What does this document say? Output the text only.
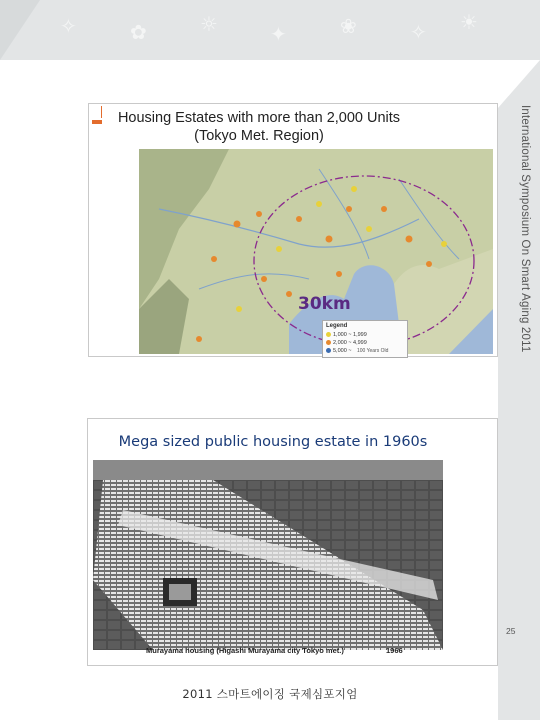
✧	✿	☼	✦	❀	✧ ☀
International Symposium On Smart Aging 2011
Housing Estates with more than 2,000 Units
(Tokyo Met. Region)
30km
Legend
1,000 ~ 1,999
2,000 ~ 4,999
5,000 ~ 100 Years Old
Mega sized public housing estate in 1960s
Murayama housing (Higashi Murayama city Tokyo met.)	1966
25
2011 스마트에이징 국제심포지엄
